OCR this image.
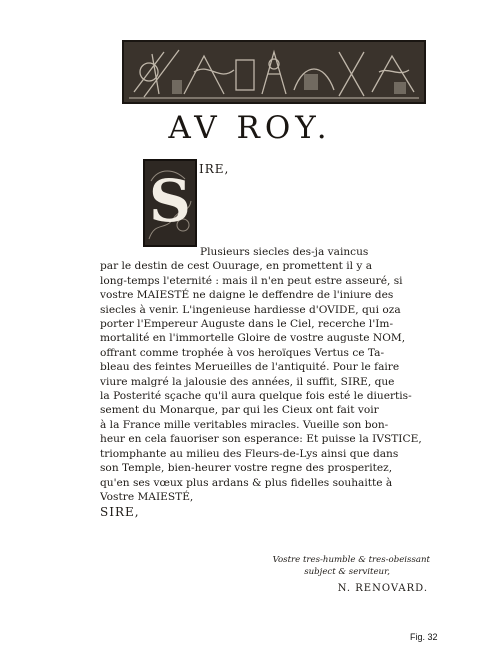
AV ROY.
S IRE,
Plusieurs siecles des-ja vaincus
par le destin de cest Ouurage, en promettent il y a
long-temps l'eternité : mais il n'en peut estre asseuré, si
vostre MAIESTÉ ne daigne le deffendre de l'iniure des
siecles à venir. L'ingenieuse hardiesse d'OVIDE, qui oza
porter l'Empereur Auguste dans le Ciel, recerche l'Im-
mortalité en l'immortelle Gloire de vostre auguste NOM,
offrant comme trophée à vos heroïques Vertus ce Ta-
bleau des feintes Merueilles de l'antiquité. Pour le faire
viure malgré la jalousie des années, il suffit, SIRE, que
la Posterité sçache qu'il aura quelque fois esté le diuertis-
sement du Monarque, par qui les Cieux ont fait voir
à la France mille veritables miracles. Vueille son bon-
heur en cela fauoriser son esperance: Et puisse la IVSTICE,
triomphante au milieu des Fleurs-de-Lys ainsi que dans
son Temple, bien-heurer vostre regne des prosperitez,
qu'en ses vœux plus ardans & plus fidelles souhaitte à
Vostre MAIESTÉ,
SIRE,
Vostre tres-humble & tres-obeissant
subject & serviteur,
N. RENOVARD.
Fig. 32
